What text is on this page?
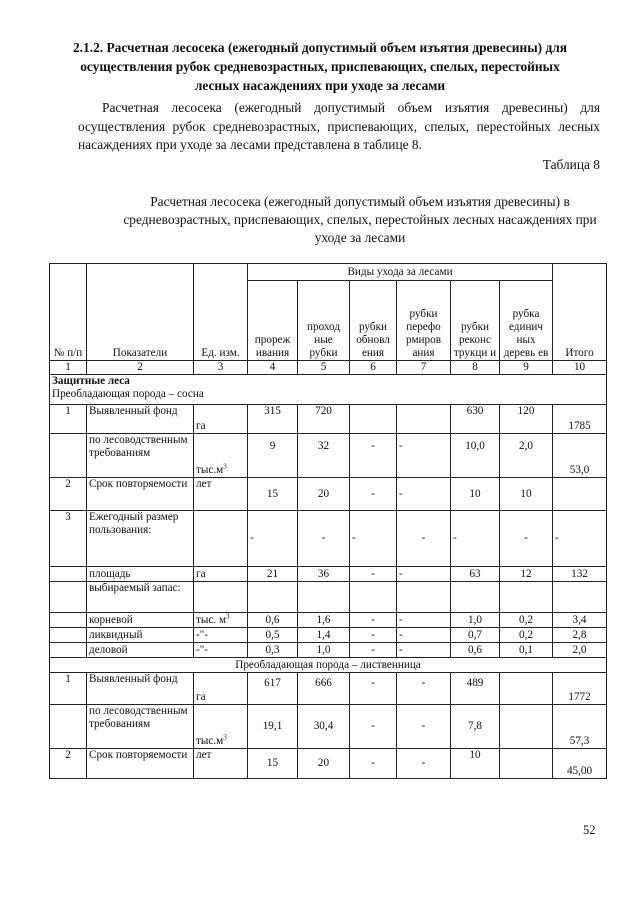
2.1.2. Расчетная лесосека (ежегодный допустимый объем изъятия древесины) для осуществления рубок средневозрастных, приспевающих, спелых, перестойных лесных насаждениях при уходе за лесами

Расчетная лесосека (ежегодный допустимый объем изъятия древесины) для осуществления рубок средневозрастных, приспевающих, спелых, перестойных лесных насаждениях при уходе за лесами представлена в таблице 8.

Таблица 8
Расчетная лесосека (ежегодный допустимый объем изъятия древесины) в средневозрастных, приспевающих, спелых, перестойных лесных насаждениях при уходе за лесами
№ п/п	Показатели	Ед. изм.	Виды ухода за лесами						Итого
			прореж ивания	проход ные рубки	рубки обновл ения	рубки перефо рмиров ания	рубки реконс трукци и	рубка единич ных деревь ев	
1	2	3	4	5	6	7	8	9	10

Защитные леса
Преобладающая порода – сосна									

1	Выявленный фонд	га	315	720			630	120	1785
	по лесоводственным требованиям	$тыс.м^3$	9	32	-	-	10,0	2,0	53,0
2	Срок повторяемости	лет	15	20	-	-	10	10	
3	Ежегодный размер пользования:		-	-	-	-	-	-	-
	площадь	га	21	36	-	-	63	12	132
	выбираемый запас:								
	корневой	тыс. $м^3$	0,6	1,6	-	-	1,0	0,2	3,4
	ликвидный	-"-	0,5	1,4	-	-	0,7	0,2	2,8
	деловой	-"-	0,3	1,0	-	-	0,6	0,1	2,0
Преобладающая порода – лиственница									
1	Выявленный фонд	га	617	666	-	-	489		1772
	по лесоводственным требованиям	$тыс.м^3$	19,1	30,4	-	-	7,8		57,3
2	Срок повторяемости	лет	15	20	-	-	10		45,00
52
